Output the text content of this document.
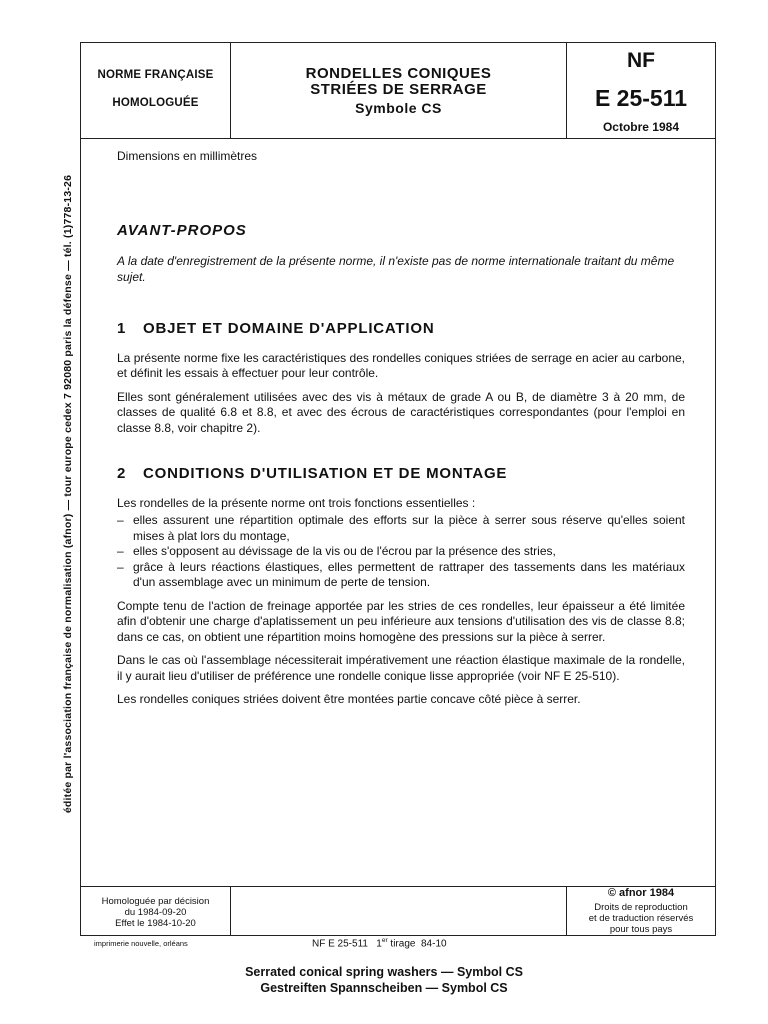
éditée par l'association française de normalisation (afnor) — tour europe cedex 7 92080 paris la défense — tél. (1)778-13-26
NORME FRANÇAISE
HOMOLOGUÉE
RONDELLES CONIQUES
STRIÉES DE SERRAGE
Symbole CS
NF
E 25-511
Octobre 1984
Dimensions en millimètres
AVANT-PROPOS
A la date d'enregistrement de la présente norme, il n'existe pas de norme internationale traitant du même sujet.
1 OBJET ET DOMAINE D'APPLICATION

La présente norme fixe les caractéristiques des rondelles coniques striées de serrage en acier au carbone, et définit les essais à effectuer pour leur contrôle.

Elles sont généralement utilisées avec des vis à métaux de grade A ou B, de diamètre 3 à 20 mm, de classes de qualité 6.8 et 8.8, et avec des écrous de caractéristiques correspondantes (pour l'emploi en classe 8.8, voir chapitre 2).

2 CONDITIONS D'UTILISATION ET DE MONTAGE

Les rondelles de la présente norme ont trois fonctions essentielles :

– elles assurent une répartition optimale des efforts sur la pièce à serrer sous réserve qu'elles soient mises à plat lors du montage,
– elles s'opposent au dévissage de la vis ou de l'écrou par la présence des stries,
– grâce à leurs réactions élastiques, elles permettent de rattraper des tassements dans les matériaux d'un assemblage avec un minimum de perte de tension.

Compte tenu de l'action de freinage apportée par les stries de ces rondelles, leur épaisseur a été limitée afin d'obtenir une charge d'aplatissement un peu inférieure aux tensions d'utilisation des vis de classe 8.8; dans ce cas, on obtient une répartition moins homogène des pressions sur la pièce à serrer.

Dans le cas où l'assemblage nécessiterait impérativement une réaction élastique maximale de la rondelle, il y aurait lieu d'utiliser de préférence une rondelle conique lisse appropriée (voir NF E 25-510).

Les rondelles coniques striées doivent être montées partie concave côté pièce à serrer.

Homologuée par décision
du 1984-09-20
Effet le 1984-10-20
© afnor 1984
Droits de reproduction
et de traduction réservés
pour tous pays
imprimerie nouvelle, orléans	NF E 25-511 1er tirage 84-10
Serrated conical spring washers — Symbol CS
Gestreiften Spannscheiben — Symbol CS
